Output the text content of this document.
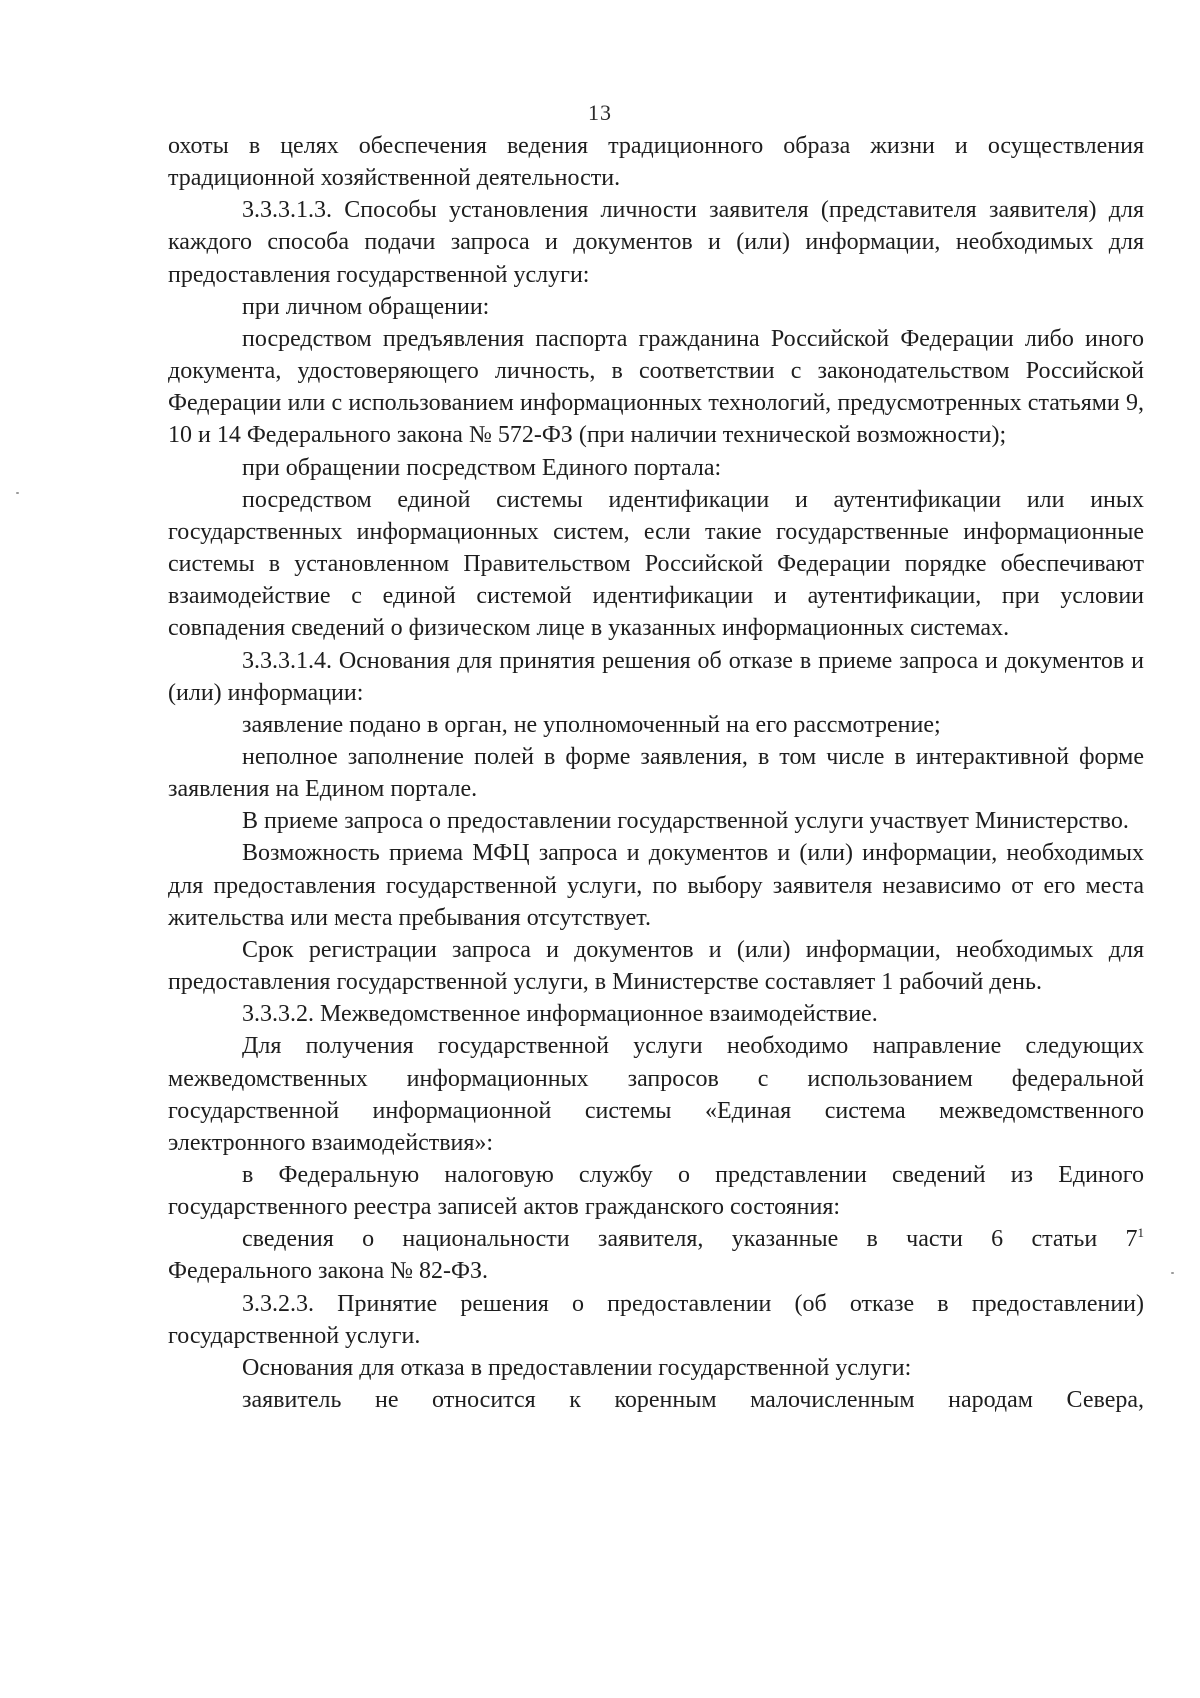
13

охоты в целях обеспечения ведения традиционного образа жизни и осуществления традиционной хозяйственной деятельности.

3.3.3.1.3. Способы установления личности заявителя (представителя заявителя) для каждого способа подачи запроса и документов и (или) информации, необходимых для предоставления государственной услуги:

при личном обращении:

посредством предъявления паспорта гражданина Российской Федерации либо иного документа, удостоверяющего личность, в соответствии с законодательством Российской Федерации или с использованием информационных технологий, предусмотренных статьями 9, 10 и 14 Федерального закона № 572-ФЗ (при наличии технической возможности);

при обращении посредством Единого портала:

посредством единой системы идентификации и аутентификации или иных государственных информационных систем, если такие государственные информационные системы в установленном Правительством Российской Федерации порядке обеспечивают взаимодействие с единой системой идентификации и аутентификации, при условии совпадения сведений о физическом лице в указанных информационных системах.

3.3.3.1.4. Основания для принятия решения об отказе в приеме запроса и документов и (или) информации:

заявление подано в орган, не уполномоченный на его рассмотрение;

неполное заполнение полей в форме заявления, в том числе в интерактивной форме заявления на Едином портале.

В приеме запроса о предоставлении государственной услуги участвует Министерство.

Возможность приема МФЦ запроса и документов и (или) информации, необходимых для предоставления государственной услуги, по выбору заявителя независимо от его места жительства или места пребывания отсутствует.

Срок регистрации запроса и документов и (или) информации, необходимых для предоставления государственной услуги, в Министерстве составляет 1 рабочий день.

3.3.3.2. Межведомственное информационное взаимодействие.

Для получения государственной услуги необходимо направление следующих межведомственных информационных запросов с использованием федеральной государственной информационной системы «Единая система межведомственного электронного взаимодействия»:

в Федеральную налоговую службу о представлении сведений из Единого государственного реестра записей актов гражданского состояния:

сведения о национальности заявителя, указанные в части 6 статьи $7^1$

Федерального закона № 82-ФЗ.

3.3.2.3. Принятие решения о предоставлении (об отказе в предоставлении) государственной услуги.

Основания для отказа в предоставлении государственной услуги:

заявитель не относится к коренным малочисленным народам Севера,
